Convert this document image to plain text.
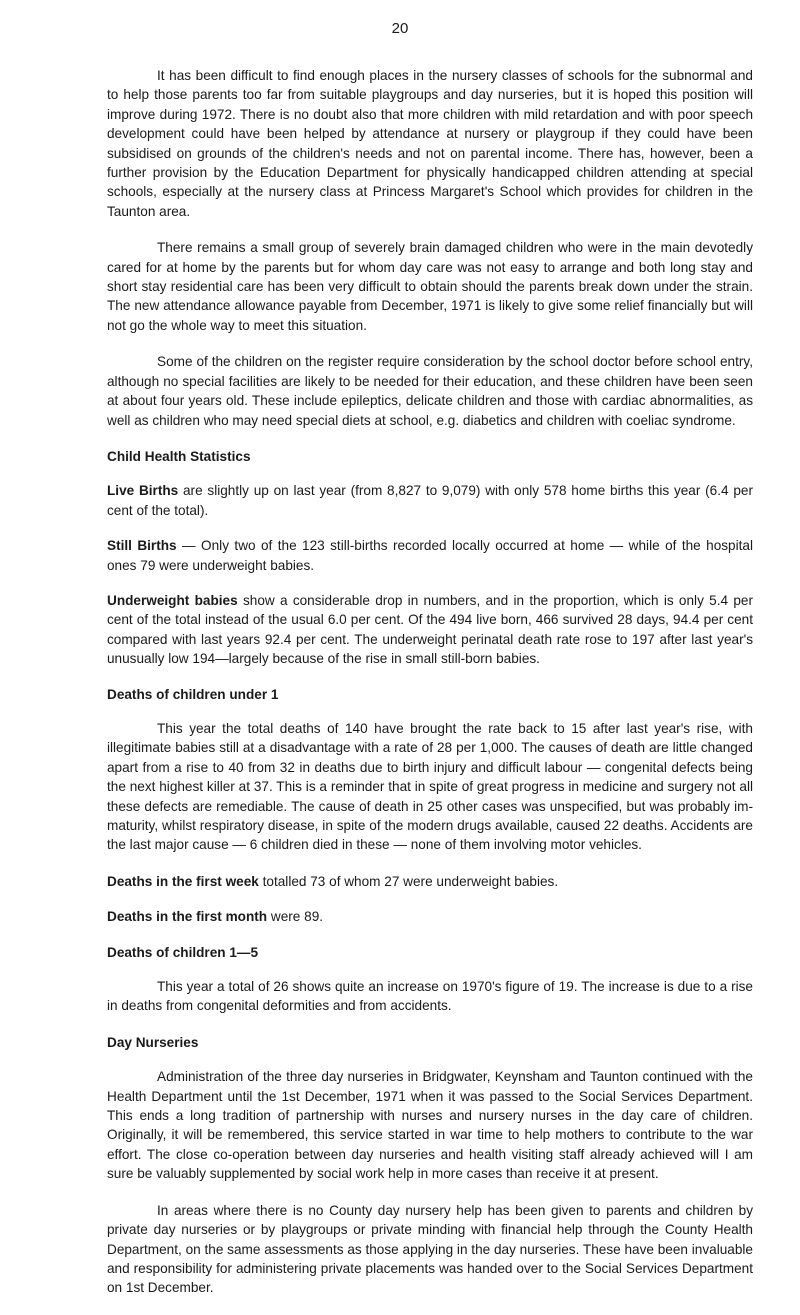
20

It has been difficult to find enough places in the nursery classes of schools for the subnormal and to help those parents too far from suitable playgroups and day nurseries, but it is hoped this position will improve during 1972. There is no doubt also that more children with mild retardation and with poor speech development could have been helped by attendance at nursery or playgroup if they could have been subsidised on grounds of the children's needs and not on parental income. There has, however, been a further provision by the Education Department for physically handicapped children attending at special schools, especially at the nursery class at Princess Margaret's School which provides for children in the Taunton area.

There remains a small group of severely brain damaged children who were in the main devotedly cared for at home by the parents but for whom day care was not easy to arrange and both long stay and short stay residential care has been very difficult to obtain should the parents break down under the strain. The new attendance allowance payable from December, 1971 is likely to give some relief financially but will not go the whole way to meet this situation.

Some of the children on the register require consideration by the school doctor before school entry, although no special facilities are likely to be needed for their education, and these children have been seen at about four years old. These include epileptics, delicate children and those with cardiac abnormalities, as well as children who may need special diets at school, e.g. diabetics and children with coeliac syndrome.

Child Health Statistics

Live Births are slightly up on last year (from 8,827 to 9,079) with only 578 home births this year (6.4 per cent of the total).

Still Births — Only two of the 123 still-births recorded locally occurred at home — while of the hospital ones 79 were underweight babies.

Underweight babies show a considerable drop in numbers, and in the proportion, which is only 5.4 per cent of the total instead of the usual 6.0 per cent. Of the 494 live born, 466 survived 28 days, 94.4 per cent compared with last years 92.4 per cent. The underweight perinatal death rate rose to 197 after last year's unusually low 194—largely because of the rise in small still-born babies.

Deaths of children under 1

This year the total deaths of 140 have brought the rate back to 15 after last year's rise, with illegitimate babies still at a disadvantage with a rate of 28 per 1,000. The causes of death are little changed apart from a rise to 40 from 32 in deaths due to birth injury and difficult labour — congenital defects being the next highest killer at 37. This is a reminder that in spite of great progress in medicine and surgery not all these defects are remediable. The cause of death in 25 other cases was unspecified, but was probably im-maturity, whilst respiratory disease, in spite of the modern drugs available, caused 22 deaths. Accidents are the last major cause — 6 children died in these — none of them involving motor vehicles.

Deaths in the first week totalled 73 of whom 27 were underweight babies.

Deaths in the first month were 89.

Deaths of children 1—5

This year a total of 26 shows quite an increase on 1970's figure of 19. The increase is due to a rise in deaths from congenital deformities and from accidents.

Day Nurseries

Administration of the three day nurseries in Bridgwater, Keynsham and Taunton continued with the Health Department until the 1st December, 1971 when it was passed to the Social Services Department. This ends a long tradition of partnership with nurses and nursery nurses in the day care of children. Originally, it will be remembered, this service started in war time to help mothers to contribute to the war effort. The close co-operation between day nurseries and health visiting staff already achieved will I am sure be valuably supplemented by social work help in more cases than receive it at present.

In areas where there is no County day nursery help has been given to parents and children by private day nurseries or by playgroups or private minding with financial help through the County Health Department, on the same assessments as those applying in the day nurseries. These have been invaluable and responsibility for administering private placements was handed over to the Social Services Department on 1st December.
